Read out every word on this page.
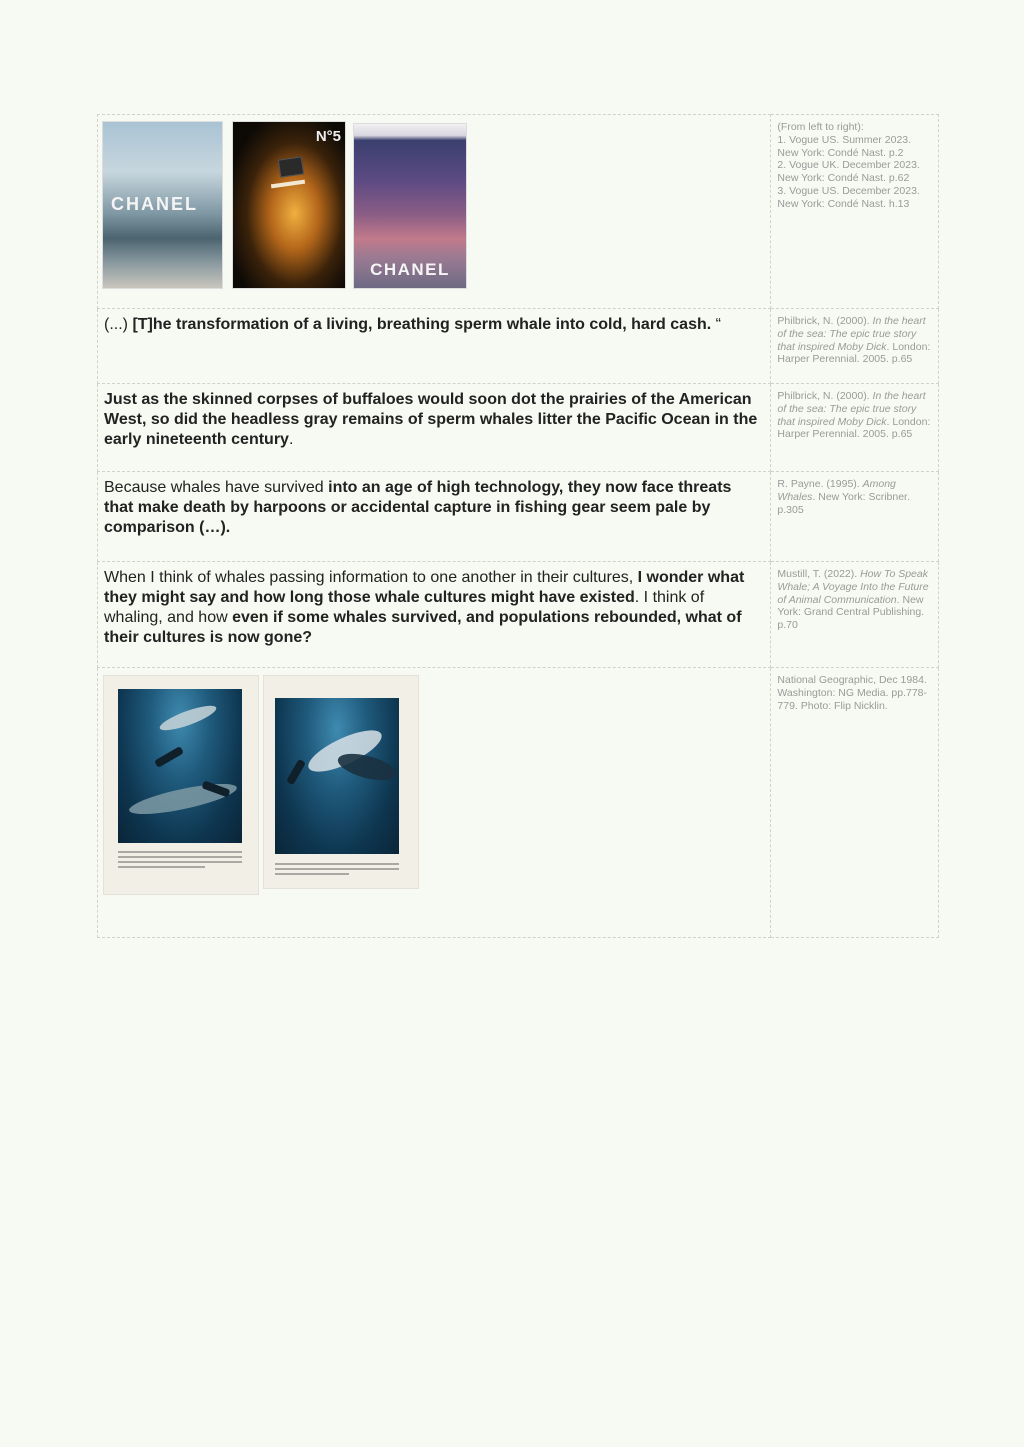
	(From left to right):
1. Vogue US. Summer 2023. New York: Condé Nast. p.2
2. Vogue UK. December 2023. New York: Condé Nast. p.62
3. Vogue US. December 2023. New York: Condé Nast. h.13

(...) [T]he transformation of a living, breathing sperm whale into cold, hard cash. “	Philbrick, N. (2000). In the heart of the sea: The epic true story that inspired Moby Dick. London: Harper Perennial. 2005. p.65

Just as the skinned corpses of buffaloes would soon dot the prairies of the American West, so did the headless gray remains of sperm whales litter the Pacific Ocean in the early nineteenth century.	Philbrick, N. (2000). In the heart of the sea: The epic true story that inspired Moby Dick. London: Harper Perennial. 2005. p.65

Because whales have survived into an age of high technology, they now face threats that make death by harpoons or accidental capture in fishing gear seem pale by comparison (…).	R. Payne. (1995). Among Whales. New York: Scribner. p.305

When I think of whales passing information to one another in their cultures, I wonder what they might say and how long those whale cultures might have existed. I think of whaling, and how even if some whales survived, and populations rebounded, what of their cultures is now gone?	Mustill, T. (2022). How To Speak Whale; A Voyage Into the Future of Animal Communication. New York: Grand Central Publishing. p.70

	National Geographic, Dec 1984. Washington: NG Media. pp.778-779. Photo: Flip Nicklin.
CHANEL
N°5
CHANEL
